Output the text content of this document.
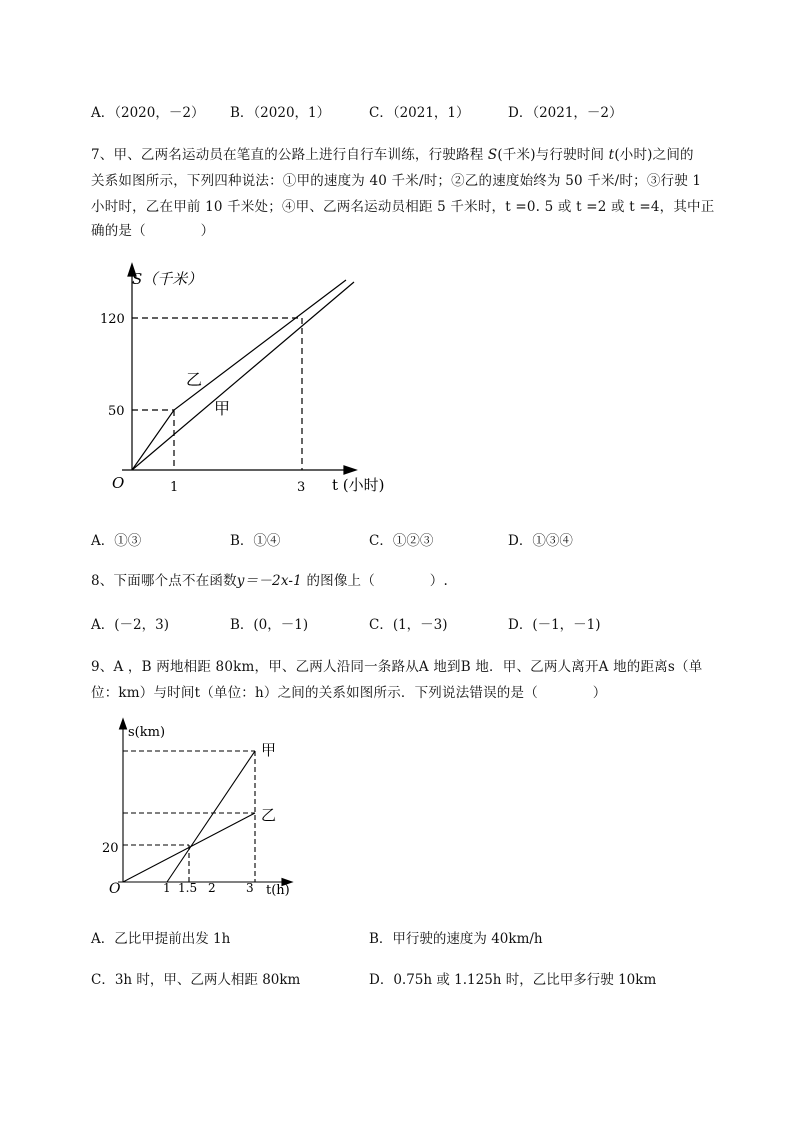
A．（2020，－2） B．（2020，1）	C．（2021，1）	D．（2021，－2）
7、甲、乙两名运动员在笔直的公路上进行自行车训练，行驶路程 S(千米)与行驶时间 t(小时)之间的
关系如图所示，下列四种说法：①甲的速度为 40 千米/时；②乙的速度始终为 50 千米/时；③行驶 1
小时时，乙在甲前 10 千米处；④甲、乙两名运动员相距 5 千米时，t =0. 5 或 t =2 或 t =4，其中正
确的是（　　　　）
S（千米）
120
50
O	1	3 t (小时)
乙
甲
A．①③	B．①④	C．①②③	D．①③④
8、下面哪个点不在函数y＝－2x-1 的图像上（　　　　）.
A．(－2，3)	B．(0，－1)	C．(1，－3)	D．(－1，－1)
9、A ，B 两地相距 80km，甲、乙两人沿同一条路从A 地到B 地．甲、乙两人离开A 地的距离s（单
位：km）与时间t（单位：h）之间的关系如图所示．下列说法错误的是（　　　　）
s(km)
20
O	1 1.5 2	3 t(h)
甲
乙
A．乙比甲提前出发 1h	B．甲行驶的速度为 40km/h
C．3h 时，甲、乙两人相距 80km	D．0.75h 或 1.125h 时，乙比甲多行驶 10km
